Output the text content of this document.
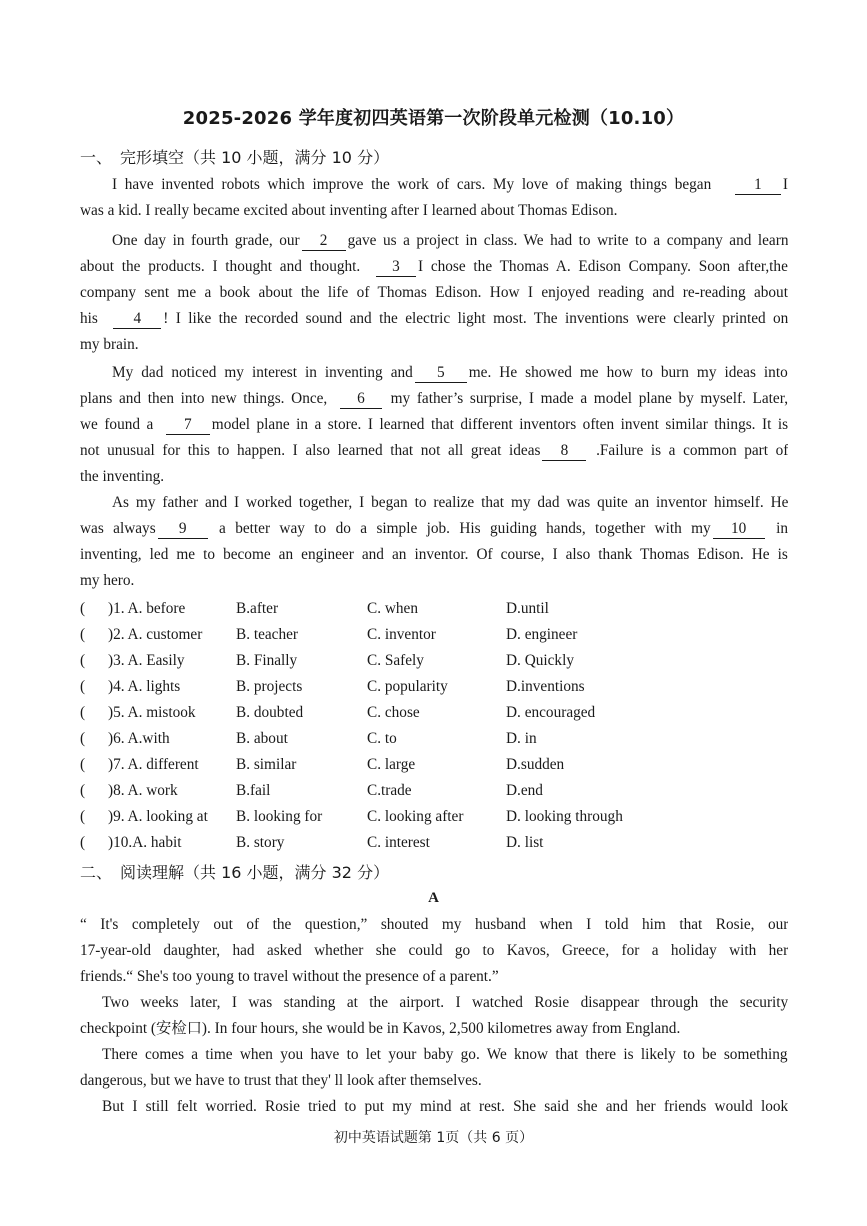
2025-2026 学年度初四英语第一次阶段单元检测（10.10）
一、 完形填空（共 10 小题，满分 10 分）
I have invented robots which improve the work of cars. My love of making things began	1 I
was a kid. I really became excited about inventing after I learned about Thomas Edison.
One day in fourth grade, our 2 gave us a project in class. We had to write to a company and learn
about the products. I thought and thought. 3 I chose the Thomas A. Edison Company. Soon after,the
company sent me a book about the life of Thomas Edison. How I enjoyed reading and re-reading about
his 4 ! I like the recorded sound and the electric light most. The inventions were clearly printed on
my brain.
My dad noticed my interest in inventing and 5 me. He showed me how to burn my ideas into
plans and then into new things. Once, 6 my father’s surprise, I made a model plane by myself. Later,
we found a 7 model plane in a store. I learned that different inventors often invent similar things. It is
not unusual for this to happen. I also learned that not all great ideas 8 .Failure is a common part of
the inventing.
As my father and I worked together, I began to realize that my dad was quite an inventor himself. He
was always 9 a better way to do a simple job. His guiding hands, together with my 10 in
inventing, led me to become an engineer and an inventor. Of course, I also thank Thomas Edison. He is
my hero.
( )1. A. before	B.after	C. when	D.until
( )2. A. customer B. teacher	C. inventor	D. engineer
( )3. A. Easily	B. Finally	C. Safely	D. Quickly
( )4. A. lights	B. projects	C. popularity	D.inventions
( )5. A. mistook	B. doubted	C. chose	D. encouraged
( )6. A.with	B. about	C. to	D. in
( )7. A. different B. similar	C. large	D.sudden
( )8. A. work	B.fail	C.trade	D.end
( )9. A. looking at B. looking for	C. looking after	D. looking through
( )10.A. habit	B. story	C. interest	D. list
二、 阅读理解（共 16 小题，满分 32 分）
A
“ It's completely out of the question,” shouted my husband when I told him that Rosie, our
17-year-old daughter, had asked whether she could go to Kavos, Greece, for a holiday with her
friends.“ She's too young to travel without the presence of a parent.”
Two weeks later, I was standing at the airport. I watched Rosie disappear through the security
checkpoint (安检口). In four hours, she would be in Kavos, 2,500 kilometres away from England.
There comes a time when you have to let your baby go. We know that there is likely to be something
dangerous, but we have to trust that they' ll look after themselves.
But I still felt worried. Rosie tried to put my mind at rest. She said she and her friends would look
初中英语试题第 1页（共 6 页）
